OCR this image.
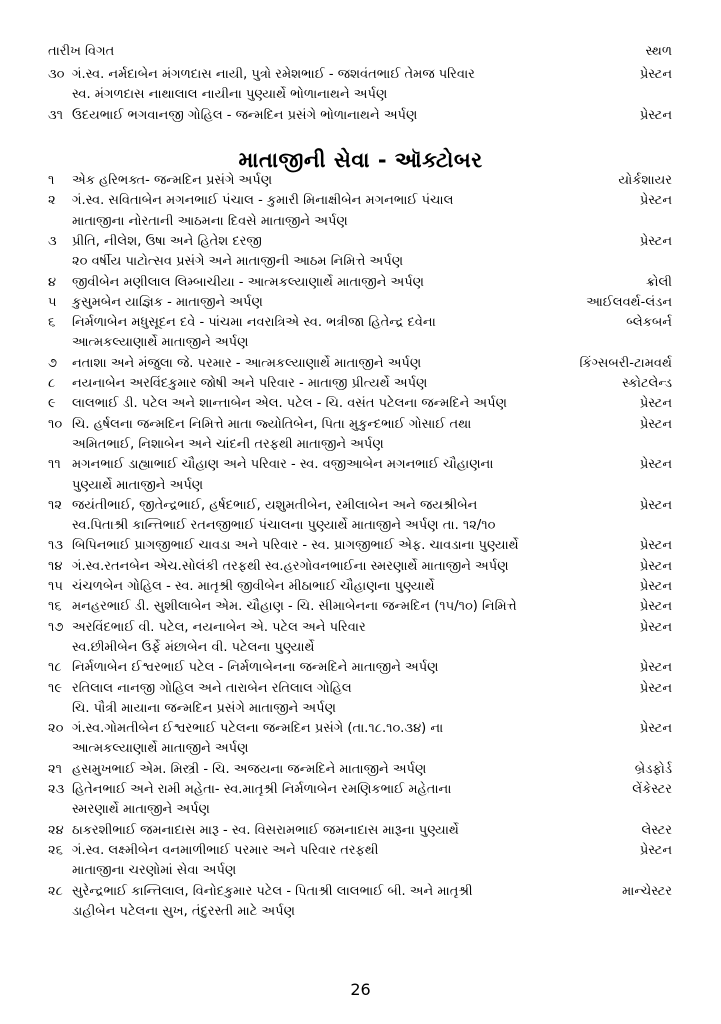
તારીખ વિગત	સ્થળ
૩૦ ગં.સ્વ. નર્મદાબેન મંગળદાસ નાયી, પુત્રો રમેશભાઈ - જશવંતભાઈ તેમજ પરિવાર	પ્રેસ્ટન
સ્વ. મંગળદાસ નાથાલાલ નાયીના પુણ્યાર્થે ભોળાનાથને અર્પણ
૩૧ ઉદયભાઈ ભગવાનજી ગોહિલ - જન્મદિન પ્રસંગે ભોળાનાથને અર્પણ	પ્રેસ્ટન
માતાજીની સેવા - ઑક્ટોબર
૧ એક હરિભક્ત- જન્મદિન પ્રસંગે અર્પણ	યોર્કશાયર
૨ ગં.સ્વ. સવિતાબેન મગનભાઈ પંચાલ - કુમારી મિનાક્ષીબેન મગનભાઈ પંચાલ	પ્રેસ્ટન
માતાજીના નોરતાની આઠમના દિવસે માતાજીને અર્પણ
૩ પ્રીતિ, નીલેશ, ઉષા અને હિતેશ દરજી	પ્રેસ્ટન
૨૦ વર્ષીય પાટોત્સવ પ્રસંગે અને માતાજીની આઠમ નિમિત્તે અર્પણ
૪ જીવીબેન મણીલાલ લિમ્બાચીયા - આત્મકલ્યાણાર્થે માતાજીને અર્પણ	ક્રોલી
૫ કુસુમબેન યાજ્ઞિક - માતાજીને અર્પણ	આઈલવર્થ-લંડન
૬ નિર્મળાબેન મધુસૂદન દવે - પાંચમા નવરાત્રિએ સ્વ. ભત્રીજા હિતેન્દ્ર દવેના	બ્લેકબર્ન
આત્મકલ્યાણાર્થે માતાજીને અર્પણ
૭ નતાશા અને મંજુલા જે. પરમાર - આત્મકલ્યાણાર્થે માતાજીને અર્પણ	કિંગ્સબરી-ટામવર્થ
૮ નયનાબેન અરવિંદકુમાર જોષી અને પરિવાર - માતાજી પ્રીત્યર્થે અર્પણ	સ્કોટલેન્ડ
૯ લાલભાઈ ડી. પટેલ અને શાન્તાબેન એલ. પટેલ - ચિ. વસંત પટેલના જન્મદિને અર્પણ	પ્રેસ્ટન
૧૦ ચિ. હર્ષલના જન્મદિન નિમિત્તે માતા જ્યોતિબેન, પિતા મુકુન્દભાઈ ગોસાઈ તથા	પ્રેસ્ટન
અમિતભાઈ, નિશાબેન અને ચાંદની તરફથી માતાજીને અર્પણ
૧૧ મગનભાઈ ડાહ્યાભાઈ ચૌહાણ અને પરિવાર - સ્વ. વજીઆબેન મગનભાઈ ચૌહાણના	પ્રેસ્ટન
પુણ્યાર્થે માતાજીને અર્પણ
૧૨ જયંતીભાઈ, જીતેન્દ્રભાઈ, હર્ષદભાઈ, યશુમતીબેન, રમીલાબેન અને જયશ્રીબેન	પ્રેસ્ટન
સ્વ.પિતાશ્રી કાન્તિભાઈ રતનજીભાઈ પંચાલના પુણ્યાર્થે માતાજીને અર્પણ તા. ૧૨/૧૦
૧૩ બિપિનભાઈ પ્રાગજીભાઈ ચાવડા અને પરિવાર - સ્વ. પ્રાગજીભાઈ એફ. ચાવડાના પુણ્યાર્થે	પ્રેસ્ટન
૧૪ ગં.સ્વ.રતનબેન એચ.સોલંકી તરફથી સ્વ.હરગોવનભાઈના સ્મરણાર્થે માતાજીને અર્પણ	પ્રેસ્ટન
૧૫ ચંચળબેન ગોહિલ - સ્વ. માતૃશ્રી જીવીબેન મીઠાભાઈ ચૌહાણના પુણ્યાર્થે	પ્રેસ્ટન
૧૬ મનહરભાઈ ડી. સુશીલાબેન એમ. ચૌહાણ - ચિ. સીમાબેનના જન્મદિન (૧૫/૧૦) નિમિત્તે	પ્રેસ્ટન
૧૭ અરવિંદભાઈ વી. પટેલ, નયનાબેન એ. પટેલ અને પરિવાર	પ્રેસ્ટન
સ્વ.છીમીબેન ઉર્ફે મંછાબેન વી. પટેલના પુણ્યાર્થે
૧૮ નિર્મળાબેન ઈશ્વરભાઈ પટેલ - નિર્મળાબેનના જન્મદિને માતાજીને અર્પણ	પ્રેસ્ટન
૧૯ રતિલાલ નાનજી ગોહિલ અને તારાબેન રતિલાલ ગોહિલ	પ્રેસ્ટન
ચિ. પૌત્રી માયાના જન્મદિન પ્રસંગે માતાજીને અર્પણ
૨૦ ગં.સ્વ.ગોમતીબેન ઈશ્વરભાઈ પટેલના જન્મદિન પ્રસંગે (તા.૧૮.૧૦.૩૪) ના	પ્રેસ્ટન
આત્મકલ્યાણાર્થે માતાજીને અર્પણ
૨૧ હસમુખભાઈ એમ. મિસ્ત્રી - ચિ. અજયના જન્મદિને માતાજીને અર્પણ	બ્રેડફોર્ડ
૨૩ હિતેનભાઈ અને રામી મહેતા- સ્વ.માતૃશ્રી નિર્મળાબેન રમણિકભાઈ મહેતાના	લેંકેસ્ટર
સ્મરણાર્થે માતાજીને અર્પણ
૨૪ ઠાકરશીભાઈ જમનાદાસ મારૂ - સ્વ. વિસરામભાઈ જમનાદાસ મારૂના પુણ્યાર્થે	લેસ્ટર
૨૬ ગં.સ્વ. લક્ષ્મીબેન વનમાળીભાઈ પરમાર અને પરિવાર તરફથી	પ્રેસ્ટન
માતાજીના ચરણોમાં સેવા અર્પણ
૨૮ સુરેન્દ્રભાઈ કાન્તિલાલ, વિનોદકુમાર પટેલ - પિતાશ્રી લાલભાઈ બી. અને માતૃશ્રી	માન્ચેસ્ટર
ડાહીબેન પટેલના સુખ, તંદુરસ્તી માટે અર્પણ
26
